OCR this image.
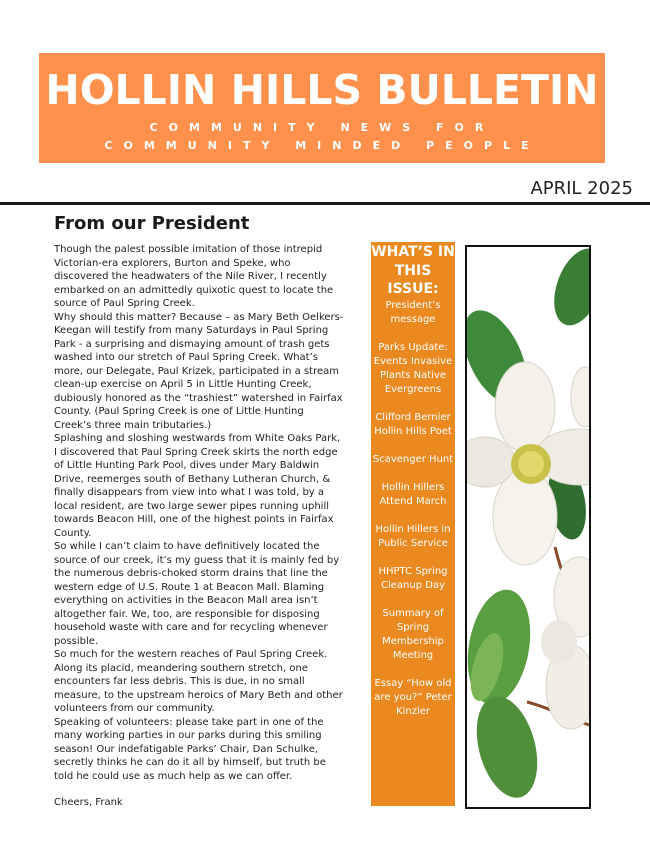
HOLLIN HILLS BULLETIN
COMMUNITY NEWS FOR
COMMUNITY MINDED PEOPLE
APRIL 2025
From our President

Though the palest possible imitation of those intrepid Victorian-era explorers, Burton and Speke, who discovered the headwaters of the Nile River, I recently embarked on an admittedly quixotic quest to locate the source of Paul Spring Creek.

Why should this matter? Because – as Mary Beth Oelkers-Keegan will testify from many Saturdays in Paul Spring Park - a surprising and dismaying amount of trash gets washed into our stretch of Paul Spring Creek. What’s more, our Delegate, Paul Krizek, participated in a stream clean-up exercise on April 5 in Little Hunting Creek, dubiously honored as the “trashiest” watershed in Fairfax County. (Paul Spring Creek is one of Little Hunting Creek’s three main tributaries.)

Splashing and sloshing westwards from White Oaks Park, I discovered that Paul Spring Creek skirts the north edge of Little Hunting Park Pool, dives under Mary Baldwin Drive, reemerges south of Bethany Lutheran Church, & finally disappears from view into what I was told, by a local resident, are two large sewer pipes running uphill towards Beacon Hill, one of the highest points in Fairfax County.

So while I can’t claim to have definitively located the source of our creek, it’s my guess that it is mainly fed by the numerous debris-choked storm drains that line the western edge of U.S. Route 1 at Beacon Mall. Blaming everything on activities in the Beacon Mall area isn’t altogether fair. We, too, are responsible for disposing household waste with care and for recycling whenever possible.

So much for the western reaches of Paul Spring Creek. Along its placid, meandering southern stretch, one encounters far less debris. This is due, in no small measure, to the upstream heroics of Mary Beth and other volunteers from our community.

Speaking of volunteers: please take part in one of the many working parties in our parks during this smiling season! Our indefatigable Parks’ Chair, Dan Schulke, secretly thinks he can do it all by himself, but truth be told he could use as much help as we can offer.

Cheers, Frank

WHAT’S IN THIS ISSUE:
President’s message
Parks Update: Events Invasive Plants Native Evergreens
Clifford Bernier Hollin Hills Poet
Scavenger Hunt
Hollin Hillers Attend March
Hollin Hillers in Public Service
HHPTC Spring Cleanup Day
Summary of Spring Membership Meeting
Essay “How old are you?” Peter Kinzler
